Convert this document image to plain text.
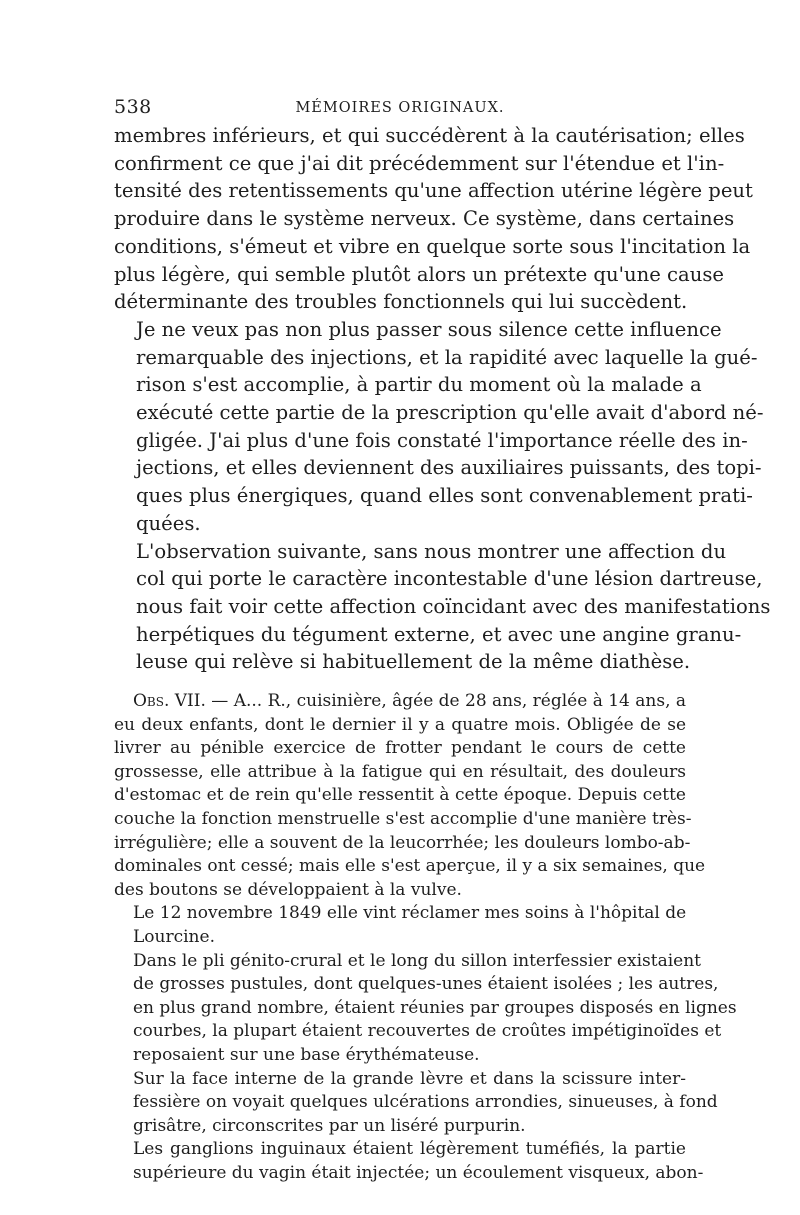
538	MÉMOIRES ORIGINAUX.

membres inférieurs, et qui succédèrent à la cautérisation; elles
confirment ce que j'ai dit précédemment sur l'étendue et l'in-
tensité des retentissements qu'une affection utérine légère peut
produire dans le système nerveux. Ce système, dans certaines
conditions, s'émeut et vibre en quelque sorte sous l'incitation la
plus légère, qui semble plutôt alors un prétexte qu'une cause
déterminante des troubles fonctionnels qui lui succèdent.

Je ne veux pas non plus passer sous silence cette influence
remarquable des injections, et la rapidité avec laquelle la gué-
rison s'est accomplie, à partir du moment où la malade a
exécuté cette partie de la prescription qu'elle avait d'abord né-
gligée. J'ai plus d'une fois constaté l'importance réelle des in-
jections, et elles deviennent des auxiliaires puissants, des topi-
ques plus énergiques, quand elles sont convenablement prati-
quées.

L'observation suivante, sans nous montrer une affection du
col qui porte le caractère incontestable d'une lésion dartreuse,
nous fait voir cette affection coïncidant avec des manifestations
herpétiques du tégument externe, et avec une angine granu-
leuse qui relève si habituellement de la même diathèse.

Obs. VII. — A... R., cuisinière, âgée de 28 ans, réglée à 14 ans, a

eu deux enfants, dont le dernier il y a quatre mois. Obligée de se
livrer au pénible exercice de frotter pendant le cours de cette
grossesse, elle attribue à la fatigue qui en résultait, des douleurs
d'estomac et de rein qu'elle ressentit à cette époque. Depuis cette
couche la fonction menstruelle s'est accomplie d'une manière très-
irrégulière; elle a souvent de la leucorrhée; les douleurs lombo-ab-
dominales ont cessé; mais elle s'est aperçue, il y a six semaines, que
des boutons se développaient à la vulve.

Le 12 novembre 1849 elle vint réclamer mes soins à l'hôpital de
Lourcine.

Dans le pli génito-crural et le long du sillon interfessier existaient
de grosses pustules, dont quelques-unes étaient isolées ; les autres,
en plus grand nombre, étaient réunies par groupes disposés en lignes
courbes, la plupart étaient recouvertes de croûtes impétiginoïdes et
reposaient sur une base érythémateuse.

Sur la face interne de la grande lèvre et dans la scissure inter-
fessière on voyait quelques ulcérations arrondies, sinueuses, à fond
grisâtre, circonscrites par un liséré purpurin.

Les ganglions inguinaux étaient légèrement tuméfiés, la partie
supérieure du vagin était injectée; un écoulement visqueux, abon-
